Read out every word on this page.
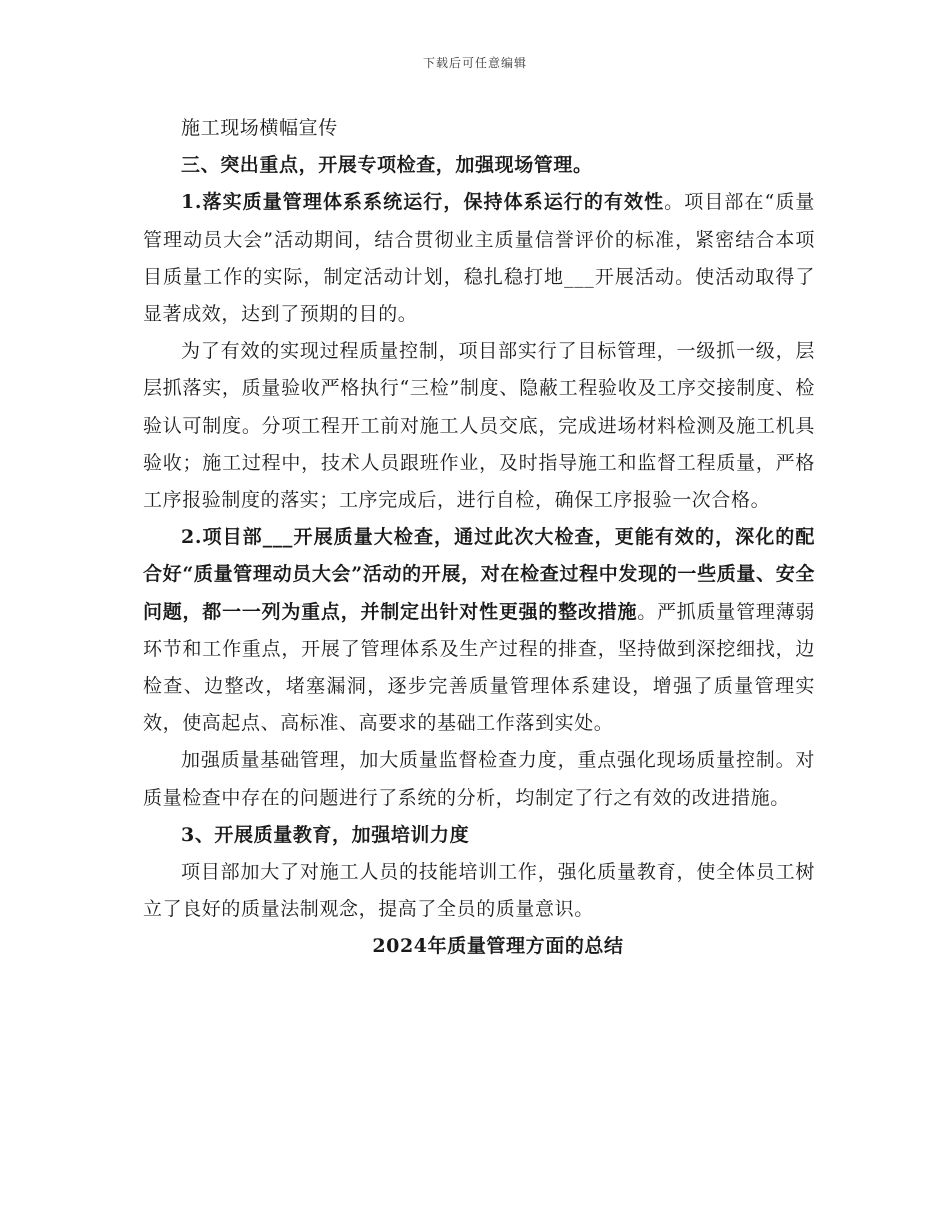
下载后可任意编辑

施工现场横幅宣传

三、突出重点，开展专项检查，加强现场管理。

1.落实质量管理体系系统运行，保持体系运行的有效性。项目部在“质量管理动员大会”活动期间，结合贯彻业主质量信誉评价的标准，紧密结合本项目质量工作的实际，制定活动计划，稳扎稳打地___开展活动。使活动取得了显著成效，达到了预期的目的。

为了有效的实现过程质量控制，项目部实行了目标管理，一级抓一级，层层抓落实，质量验收严格执行“三检”制度、隐蔽工程验收及工序交接制度、检验认可制度。分项工程开工前对施工人员交底，完成进场材料检测及施工机具验收；施工过程中，技术人员跟班作业，及时指导施工和监督工程质量，严格工序报验制度的落实；工序完成后，进行自检，确保工序报验一次合格。

2.项目部___开展质量大检查，通过此次大检查，更能有效的，深化的配合好“质量管理动员大会”活动的开展，对在检查过程中发现的一些质量、安全问题，都一一列为重点，并制定出针对性更强的整改措施。严抓质量管理薄弱环节和工作重点，开展了管理体系及生产过程的排查，坚持做到深挖细找，边检查、边整改，堵塞漏洞，逐步完善质量管理体系建设，增强了质量管理实效，使高起点、高标准、高要求的基础工作落到实处。

加强质量基础管理，加大质量监督检查力度，重点强化现场质量控制。对质量检查中存在的问题进行了系统的分析，均制定了行之有效的改进措施。

3、开展质量教育，加强培训力度

项目部加大了对施工人员的技能培训工作，强化质量教育，使全体员工树立了良好的质量法制观念，提高了全员的质量意识。

2024年质量管理方面的总结
